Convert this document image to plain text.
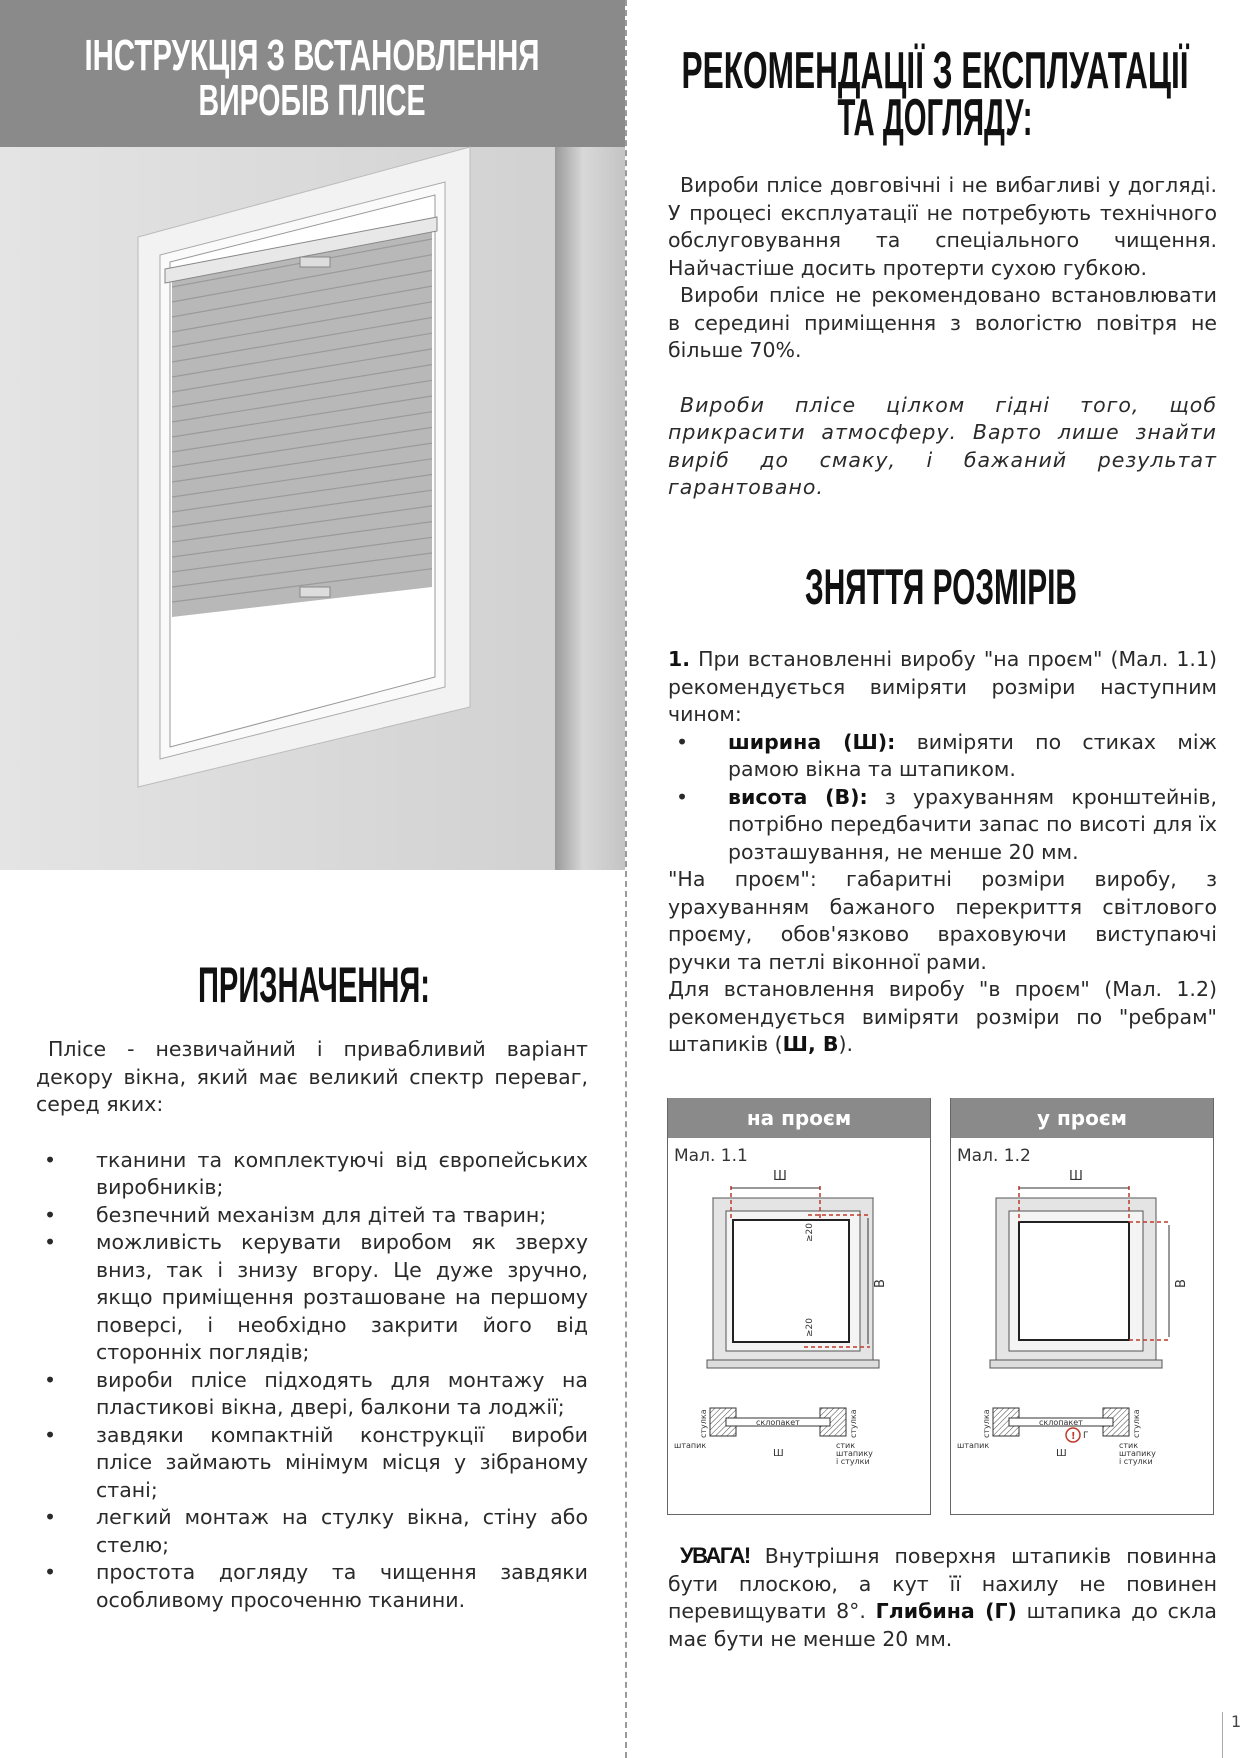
ІНСТРУКЦІЯ З ВСТАНОВЛЕННЯ
ВИРОБІВ ПЛІСЕ
ПРИЗНАЧЕННЯ:

Плісе - незвичайний і привабливий варіант декору вікна, який має великий спектр переваг, серед яких:

• тканини та комплектуючі від європейських виробників;
• безпечний механізм для дітей та тварин;
• можливість керувати виробом як зверху вниз, так і знизу вгору. Це дуже зручно, якщо приміщення розташоване на першому поверсі, і необхідно закрити його від сторонніх поглядів;
• вироби плісе підходять для монтажу на пластикові вікна, двері, балкони та лоджії;
• завдяки компактній конструкції вироби плісе займають мінімум місця у зібраному стані;
• легкий монтаж на стулку вікна, стіну або стелю;
• простота догляду та чищення завдяки особливому просоченню тканини.
РЕКОМЕНДАЦІЇ З ЕКСПЛУАТАЦІЇ
ТА ДОГЛЯДУ:

Вироби плісе довговічні і не вибагливі у догляді. У процесі експлуатації не потребують технічного обслуговування та спеціального чищення. Найчастіше досить протерти сухою губкою.

Вироби плісе не рекомендовано встановлювати в середині приміщення з вологістю повітря не більше 70%.

Вироби плісе цілком гідні того, щоб прикрасити атмосферу. Варто лише знайти виріб до смаку, і бажаний результат гарантовано.

ЗНЯТТЯ РОЗМІРІВ

1. При встановленні виробу "на проєм" (Мал. 1.1) рекомендується виміряти розміри наступним чином:

• ширина (Ш): виміряти по стиках між рамою вікна та штапиком.
• висота (В): з урахуванням кронштейнів, потрібно передбачити запас по висоті для їх розташування, не менше 20 мм.

"На проєм": габаритні розміри виробу, з урахуванням бажаного перекриття світлового проєму, обов'язково враховуючи виступаючі ручки та петлі віконної рами.

Для встановлення виробу "в проєм" (Мал. 1.2) рекомендується виміряти розміри по "ребрам" штапиків (Ш, В).

на проєм
Ш
В
≥20
≥20
склопакет
стулка	стулка
штапик
Ш
стик
штапику
і стулки
Мал. 1.1
у проєм
Ш
В
склопакет
стулка	стулка
! Г
штапик
Ш
стик
штапику
і стулки
Мал. 1.2

УВАГА! Внутрішня поверхня штапиків повинна бути плоскою, а кут її нахилу не повинен перевищувати 8°. Глибина (Г) штапика до скла має бути не менше 20 мм.

1
